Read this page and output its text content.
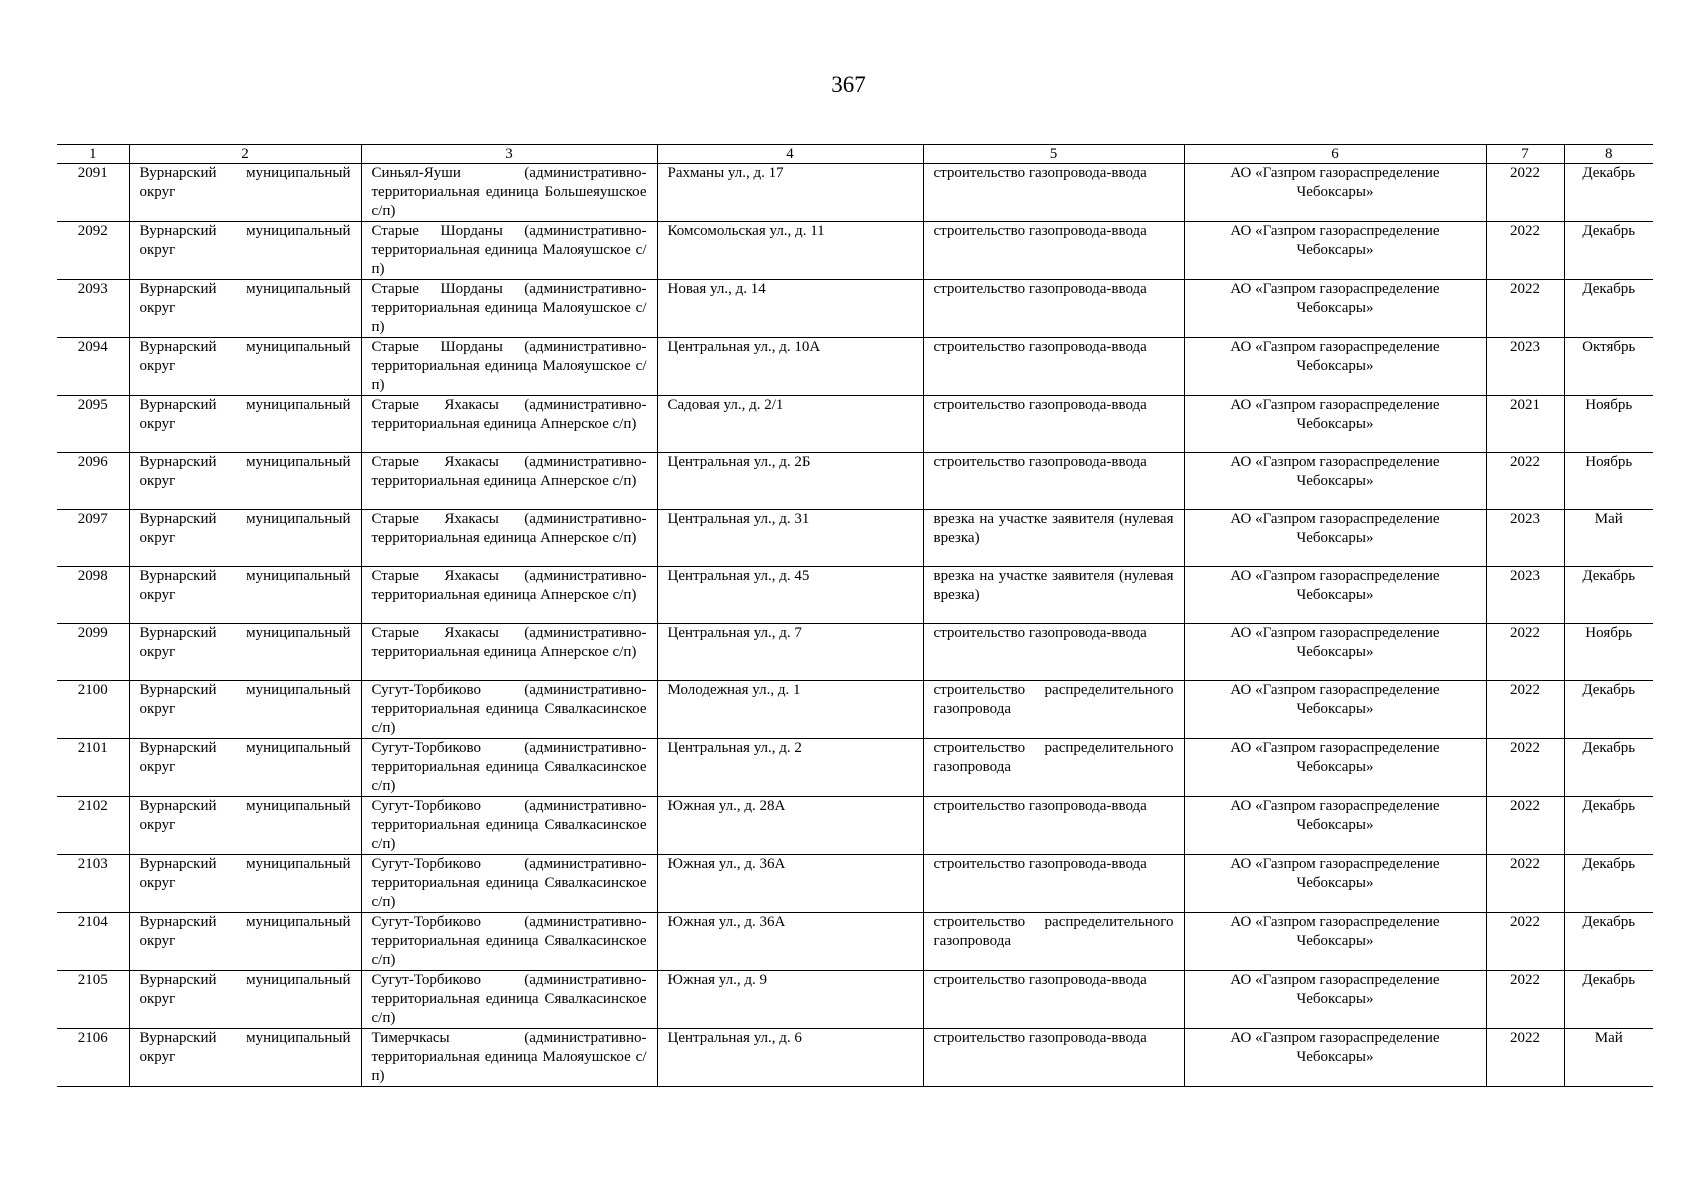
367
1	2	3	4	5	6	7	8
2091	Вурнарский муниципальный округ	Синьял-Яуши (административно-территориальная единица Большеяушское с/п)	Рахманы ул., д. 17	строительство газопровода-ввода	АО «Газпром газораспределение Чебоксары»	2022	Декабрь
2092	Вурнарский муниципальный округ	Старые Шорданы (административно-территориальная единица Малояушское с/п)	Комсомольская ул., д. 11	строительство газопровода-ввода	АО «Газпром газораспределение Чебоксары»	2022	Декабрь
2093	Вурнарский муниципальный округ	Старые Шорданы (административно-территориальная единица Малояушское с/п)	Новая ул., д. 14	строительство газопровода-ввода	АО «Газпром газораспределение Чебоксары»	2022	Декабрь
2094	Вурнарский муниципальный округ	Старые Шорданы (административно-территориальная единица Малояушское с/п)	Центральная ул., д. 10А	строительство газопровода-ввода	АО «Газпром газораспределение Чебоксары»	2023	Октябрь
2095	Вурнарский муниципальный округ	Старые Яхакасы (административно-территориальная единица Апнерское с/п)	Садовая ул., д. 2/1	строительство газопровода-ввода	АО «Газпром газораспределение Чебоксары»	2021	Ноябрь
2096	Вурнарский муниципальный округ	Старые Яхакасы (административно-территориальная единица Апнерское с/п)	Центральная ул., д. 2Б	строительство газопровода-ввода	АО «Газпром газораспределение Чебоксары»	2022	Ноябрь
2097	Вурнарский муниципальный округ	Старые Яхакасы (административно-территориальная единица Апнерское с/п)	Центральная ул., д. 31	врезка на участке заявителя (нулевая врезка)	АО «Газпром газораспределение Чебоксары»	2023	Май
2098	Вурнарский муниципальный округ	Старые Яхакасы (административно-территориальная единица Апнерское с/п)	Центральная ул., д. 45	врезка на участке заявителя (нулевая врезка)	АО «Газпром газораспределение Чебоксары»	2023	Декабрь
2099	Вурнарский муниципальный округ	Старые Яхакасы (административно-территориальная единица Апнерское с/п)	Центральная ул., д. 7	строительство газопровода-ввода	АО «Газпром газораспределение Чебоксары»	2022	Ноябрь
2100	Вурнарский муниципальный округ	Сугут-Торбиково (административно-территориальная единица Сявалкасинское с/п)	Молодежная ул., д. 1	строительство распределительного газопровода	АО «Газпром газораспределение Чебоксары»	2022	Декабрь
2101	Вурнарский муниципальный округ	Сугут-Торбиково (административно-территориальная единица Сявалкасинское с/п)	Центральная ул., д. 2	строительство распределительного газопровода	АО «Газпром газораспределение Чебоксары»	2022	Декабрь
2102	Вурнарский муниципальный округ	Сугут-Торбиково (административно-территориальная единица Сявалкасинское с/п)	Южная ул., д. 28А	строительство газопровода-ввода	АО «Газпром газораспределение Чебоксары»	2022	Декабрь
2103	Вурнарский муниципальный округ	Сугут-Торбиково (административно-территориальная единица Сявалкасинское с/п)	Южная ул., д. 36А	строительство газопровода-ввода	АО «Газпром газораспределение Чебоксары»	2022	Декабрь
2104	Вурнарский муниципальный округ	Сугут-Торбиково (административно-территориальная единица Сявалкасинское с/п)	Южная ул., д. 36А	строительство распределительного газопровода	АО «Газпром газораспределение Чебоксары»	2022	Декабрь
2105	Вурнарский муниципальный округ	Сугут-Торбиково (административно-территориальная единица Сявалкасинское с/п)	Южная ул., д. 9	строительство газопровода-ввода	АО «Газпром газораспределение Чебоксары»	2022	Декабрь
2106	Вурнарский муниципальный округ	Тимерчкасы (административно-территориальная единица Малояушское с/п)	Центральная ул., д. 6	строительство газопровода-ввода	АО «Газпром газораспределение Чебоксары»	2022	Май
